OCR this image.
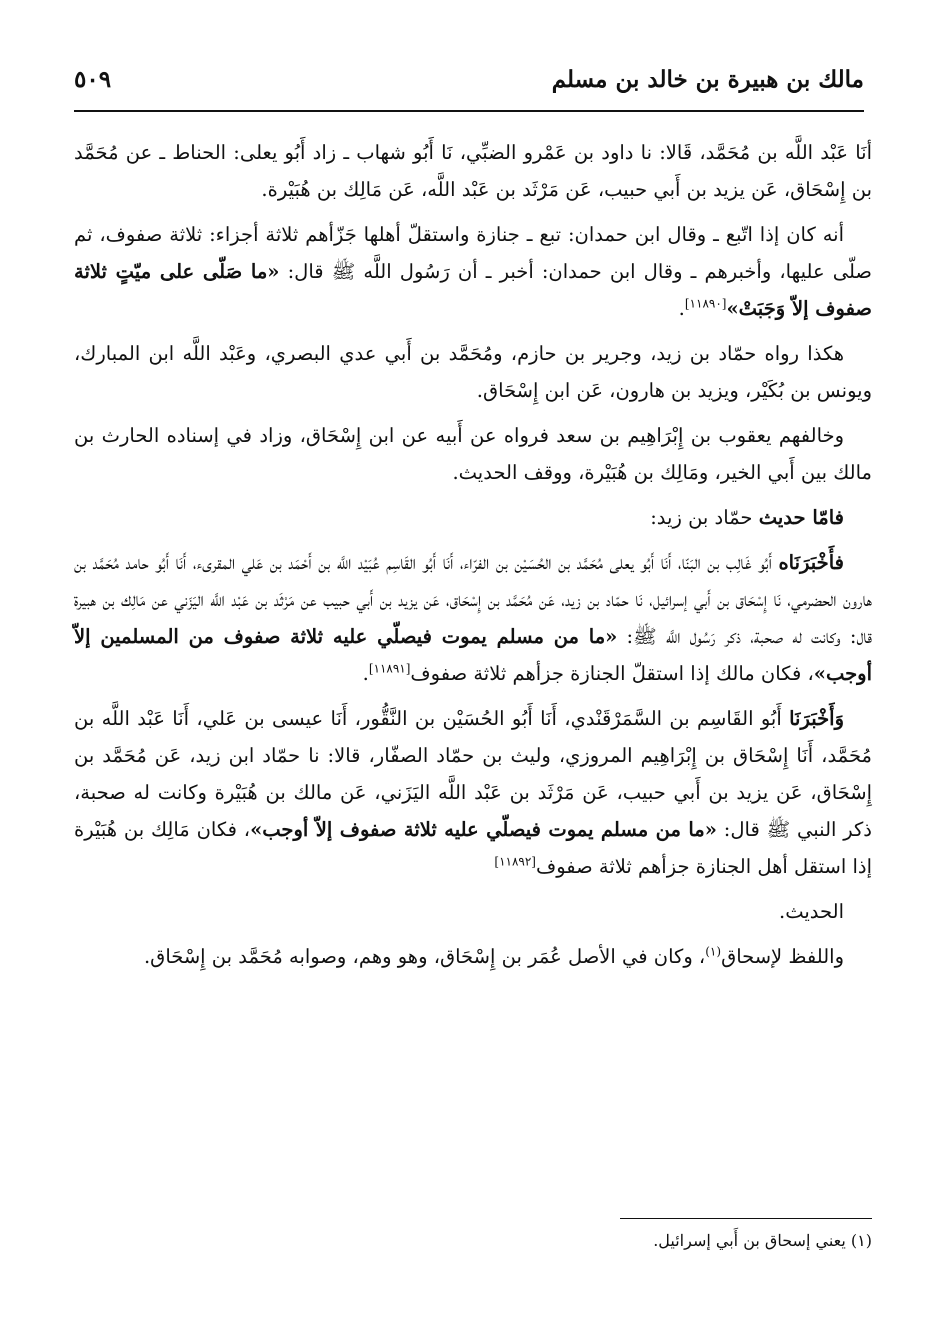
مالك بن هبيرة بن خالد بن مسلم
٥٠٩

أنَا عَبْد اللَّه بن مُحَمَّد، قَالا: نا داود بن عَمْرو الضبِّي، نَا أَبُو شهاب ـ زاد أَبُو يعلى: الحناط ـ عن مُحَمَّد بن إِسْحَاق، عَن يزيد بن أَبي حبيب، عَن مَرْثَد بن عَبْد اللَّه، عَن مَالِك بن هُبَيْرة.

أنه كان إذا اتّبع ـ وقال ابن حمدان: تبع ـ جنازة واستقلّ أهلها جَزّأهم ثلاثة أجزاء: ثلاثة صفوف، ثم صلّى عليها، وأخبرهم ـ وقال ابن حمدان: أخبر ـ أن رَسُول اللَّه ﷺ قال: «ما صَلّى على ميّتٍ ثلاثة صفوف إلاّ وَجَبَتْ»[١١٨٩٠].

هكذا رواه حمّاد بن زيد، وجرير بن حازم، ومُحَمَّد بن أَبي عدي البصري، وعَبْد اللَّه ابن المبارك، ويونس بن بُكَيْر، ويزيد بن هارون، عَن ابن إِسْحَاق.

وخالفهم يعقوب بن إِبْرَاهِيم بن سعد فرواه عن أَبيه عن ابن إِسْحَاق، وزاد في إسناده الحارث بن مالك بين أَبي الخير، ومَالِك بن هُبَيْرة، ووقف الحديث.

فامّا حديث حمّاد بن زيد:

فأَخْبَرَنَاه أَبُو غَالِب بن البَنّا، أَنَا أَبُو يعلى مُحَمَّد بن الحُسَيْن بن الفرّاء، أَنَا أَبُو القَاسِم عُبَيْد اللَّه بن أَحْمَد بن عَلي المقرىء، أَنَا أَبُو حامد مُحَمَّد بن هارون الحضرمي، نَا إِسْحَاق بن أَبي إسرائيل، نَا حمّاد بن زيد، عَن مُحَمَّد بن إِسْحَاق، عَن يزيد بن أَبي حبيب عن مَرْثَد بن عَبْد اللَّه اليَزَني عن مَالِك بن هبيرة قال: وكانت له صحبة، ذكر رَسُول اللَّه ﷺ: «ما من مسلم يموت فيصلّي عليه ثلاثة صفوف من المسلمين إلاّ أوجب»، فكان مالك إذا استقلّ الجنازة جزأهم ثلاثة صفوف[١١٨٩١].

وَأَخْبَرَنَا أَبُو القَاسِم بن السَّمَرْقَنْدي، أَنَا أَبُو الحُسَيْن بن النَّقُّور، أَنَا عيسى بن عَلي، أَنَا عَبْد اللَّه بن مُحَمَّد، أَنَا إِسْحَاق بن إِبْرَاهِيم المروزي، وليث بن حمّاد الصفّار، قالا: نا حمّاد ابن زيد، عَن مُحَمَّد بن إِسْحَاق، عَن يزيد بن أَبي حبيب، عَن مَرْثَد بن عَبْد اللَّه اليَزَني، عَن مالك بن هُبَيْرة وكانت له صحبة، ذكر النبي ﷺ قال: «ما من مسلم يموت فيصلّي عليه ثلاثة صفوف إلاّ أوجب»، فكان مَالِك بن هُبَيْرة إذا استقل أهل الجنازة جزأهم ثلاثة صفوف[١١٨٩٢]

الحديث.

واللفظ لإسحاق$^{(١)}$، وكان في الأصل عُمَر بن إِسْحَاق، وهو وهم، وصوابه مُحَمَّد بن إِسْحَاق.

(١) يعني إسحاق بن أَبي إسرائيل.
